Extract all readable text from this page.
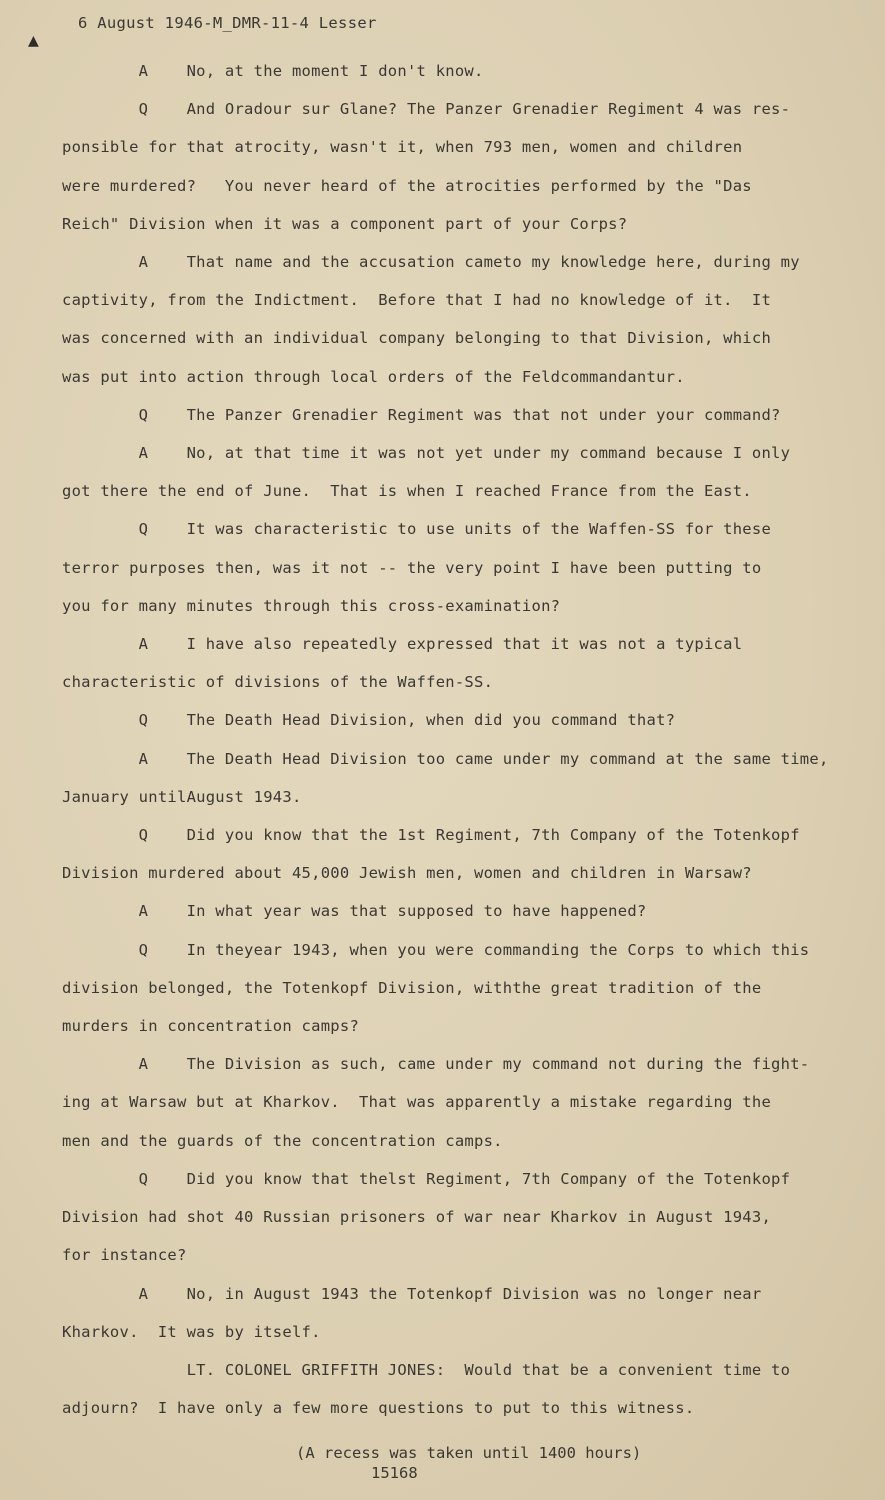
▲
6 August 1946-M_DMR-11-4 Lesser
A    No, at the moment I don't know.
Q    And Oradour sur Glane? The Panzer Grenadier Regiment 4 was res-
ponsible for that atrocity, wasn't it, when 793 men, women and children
were murdered?   You never heard of the atrocities performed by the "Das
Reich" Division when it was a component part of your Corps?
A    That name and the accusation cameto my knowledge here, during my
captivity, from the Indictment.  Before that I had no knowledge of it.  It
was concerned with an individual company belonging to that Division, which
was put into action through local orders of the Feldcommandantur.
Q    The Panzer Grenadier Regiment was that not under your command?
A    No, at that time it was not yet under my command because I only
got there the end of June.  That is when I reached France from the East.
Q    It was characteristic to use units of the Waffen-SS for these
terror purposes then, was it not -- the very point I have been putting to
you for many minutes through this cross-examination?
A    I have also repeatedly expressed that it was not a typical
characteristic of divisions of the Waffen-SS.
Q    The Death Head Division, when did you command that?
A    The Death Head Division too came under my command at the same time,
January untilAugust 1943.
Q    Did you know that the 1st Regiment, 7th Company of the Totenkopf
Division murdered about 45,000 Jewish men, women and children in Warsaw?
A    In what year was that supposed to have happened?
Q    In theyear 1943, when you were commanding the Corps to which this
division belonged, the Totenkopf Division, withthe great tradition of the
murders in concentration camps?
A    The Division as such, came under my command not during the fight-
ing at Warsaw but at Kharkov.  That was apparently a mistake regarding the
men and the guards of the concentration camps.
Q    Did you know that thelst Regiment, 7th Company of the Totenkopf
Division had shot 40 Russian prisoners of war near Kharkov in August 1943,
for instance?
A    No, in August 1943 the Totenkopf Division was no longer near
Kharkov.  It was by itself.
LT. COLONEL GRIFFITH JONES:  Would that be a convenient time to
adjourn?  I have only a few more questions to put to this witness.
(A recess was taken until 1400 hours)
15168
